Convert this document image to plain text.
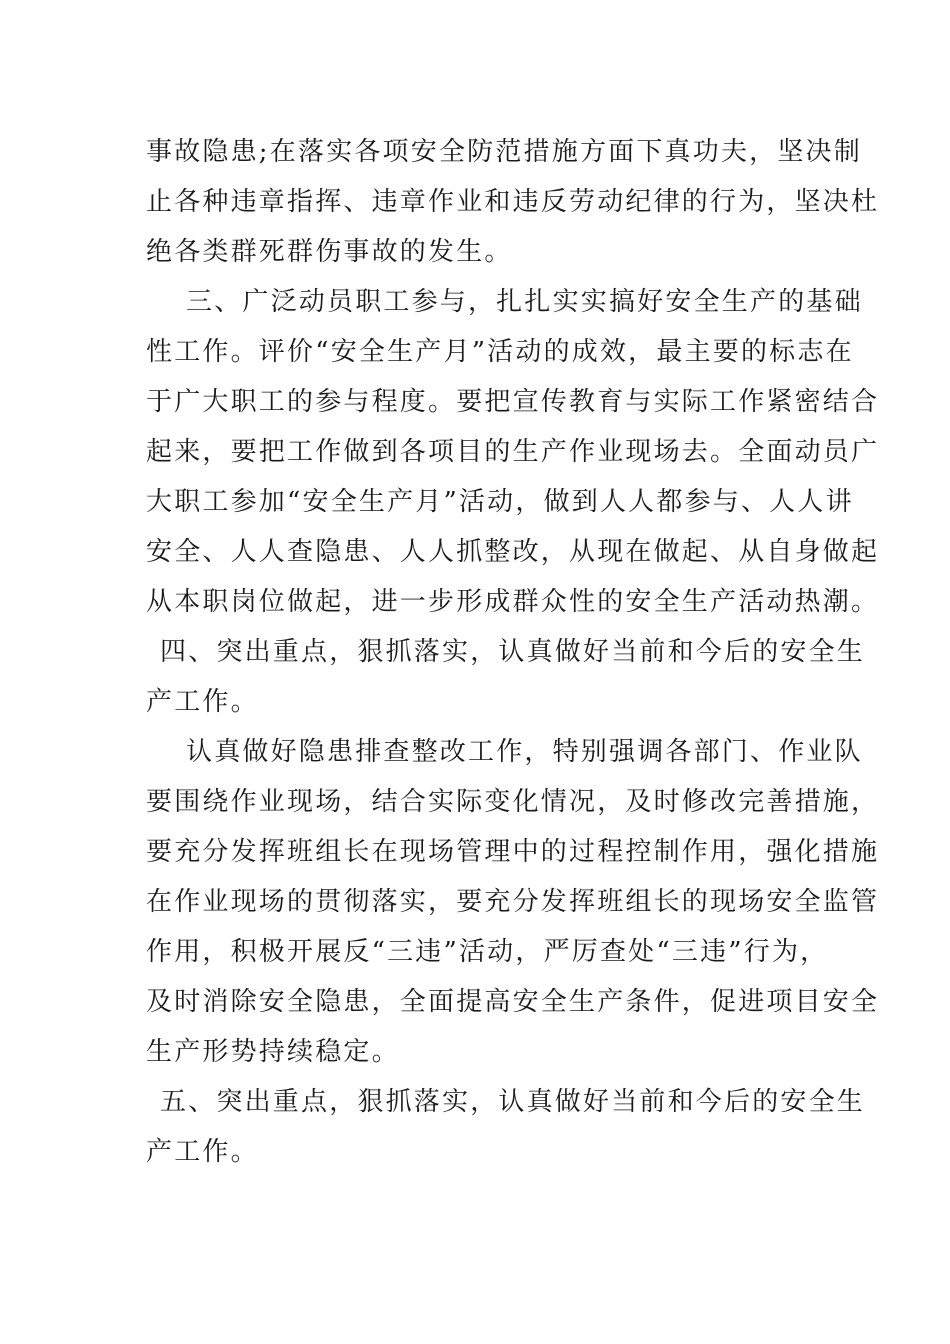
事故隐患;在落实各项安全防范措施方面下真功夫，坚决制
止各种违章指挥、违章作业和违反劳动纪律的行为，坚决杜
绝各类群死群伤事故的发生。
三、广泛动员职工参与，扎扎实实搞好安全生产的基础
性工作。评价“安全生产月”活动的成效，最主要的标志在
于广大职工的参与程度。要把宣传教育与实际工作紧密结合
起来，要把工作做到各项目的生产作业现场去。全面动员广
大职工参加“安全生产月”活动，做到人人都参与、人人讲
安全、人人查隐患、人人抓整改，从现在做起、从自身做起
从本职岗位做起，进一步形成群众性的安全生产活动热潮。
四、突出重点，狠抓落实，认真做好当前和今后的安全生
产工作。
认真做好隐患排查整改工作，特别强调各部门、作业队
要围绕作业现场，结合实际变化情况，及时修改完善措施，
要充分发挥班组长在现场管理中的过程控制作用，强化措施
在作业现场的贯彻落实，要充分发挥班组长的现场安全监管
作用，积极开展反“三违”活动，严厉查处“三违”行为，
及时消除安全隐患，全面提高安全生产条件，促进项目安全
生产形势持续稳定。
五、突出重点，狠抓落实，认真做好当前和今后的安全生
产工作。
